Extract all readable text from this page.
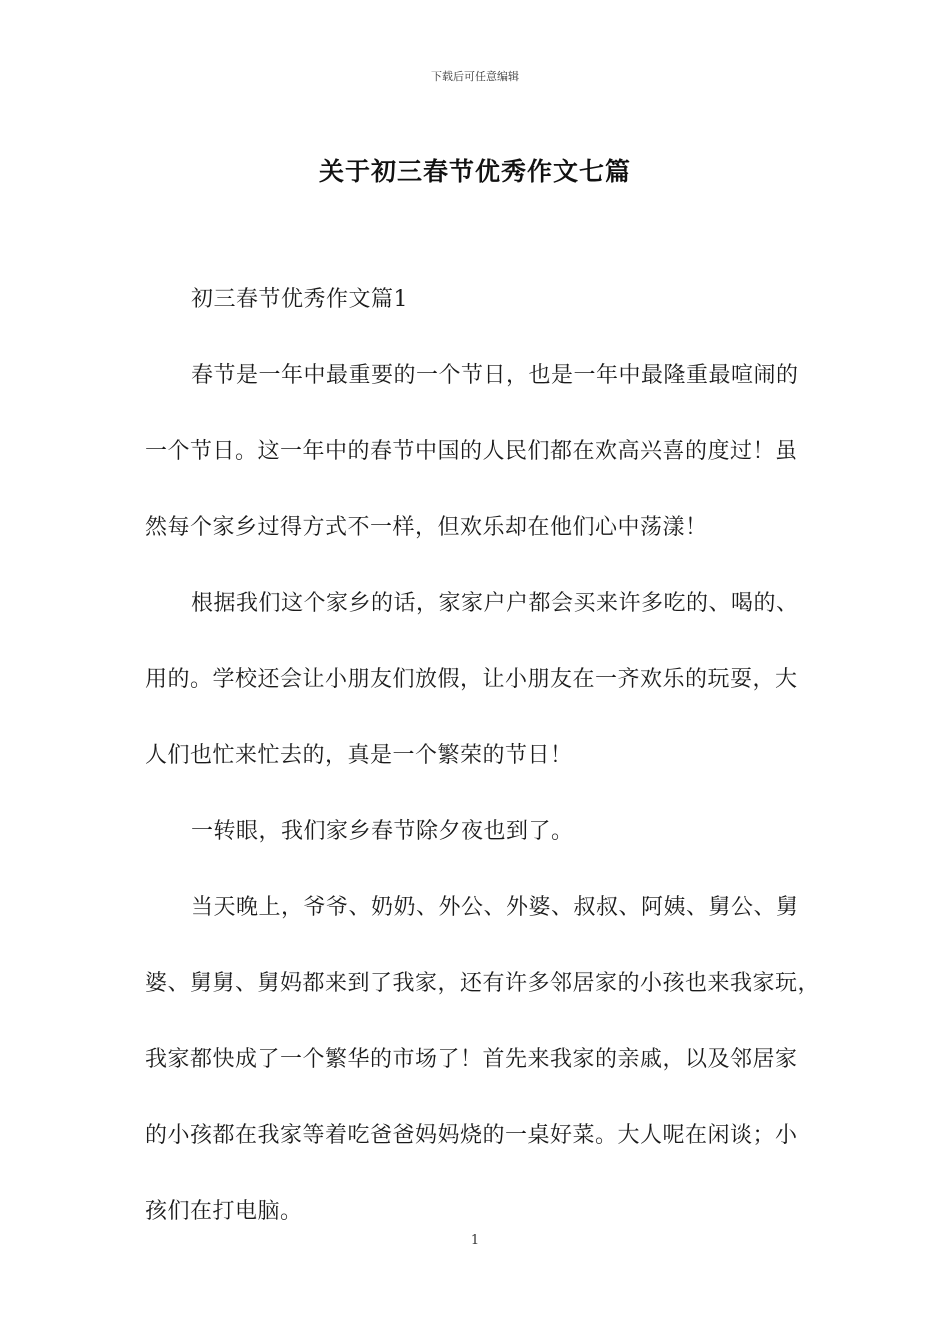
下载后可任意编辑
关于初三春节优秀作文七篇
初三春节优秀作文篇1
春节是一年中最重要的一个节日，也是一年中最隆重最喧闹的
一个节日。这一年中的春节中国的人民们都在欢高兴喜的度过！虽
然每个家乡过得方式不一样，但欢乐却在他们心中荡漾！
根据我们这个家乡的话，家家户户都会买来许多吃的、喝的、
用的。学校还会让小朋友们放假，让小朋友在一齐欢乐的玩耍，大
人们也忙来忙去的，真是一个繁荣的节日！
一转眼，我们家乡春节除夕夜也到了。
当天晚上，爷爷、奶奶、外公、外婆、叔叔、阿姨、舅公、舅
婆、舅舅、舅妈都来到了我家，还有许多邻居家的小孩也来我家玩，
我家都快成了一个繁华的市场了！首先来我家的亲戚，以及邻居家
的小孩都在我家等着吃爸爸妈妈烧的一桌好菜。大人呢在闲谈；小
孩们在打电脑。
1
